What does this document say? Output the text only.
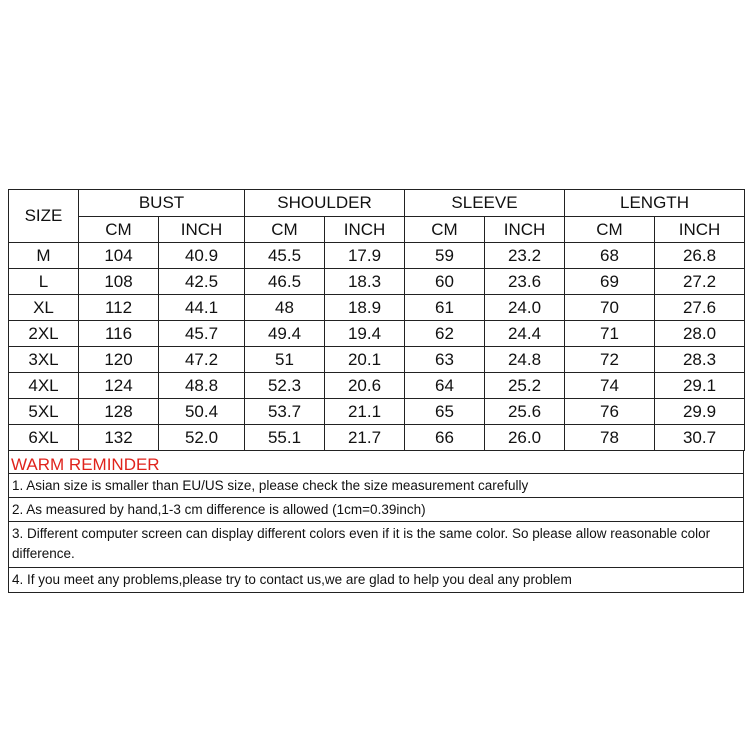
SIZE	BUST		SHOULDER		SLEEVE		LENGTH	
	CM	INCH	CM	INCH	CM	INCH	CM	INCH
M	104	40.9	45.5	17.9	59	23.2	68	26.8
L	108	42.5	46.5	18.3	60	23.6	69	27.2
XL	112	44.1	48	18.9	61	24.0	70	27.6
2XL	116	45.7	49.4	19.4	62	24.4	71	28.0
3XL	120	47.2	51	20.1	63	24.8	72	28.3
4XL	124	48.8	52.3	20.6	64	25.2	74	29.1
5XL	128	50.4	53.7	21.1	65	25.6	76	29.9
6XL	132	52.0	55.1	21.7	66	26.0	78	30.7
WARM REMINDER
1. Asian size is smaller than EU/US size, please check the size measurement carefully
2. As measured by hand,1-3 cm difference is allowed (1cm=0.39inch)
3. Different computer screen can display different colors even if it is the same color. So please allow reasonable color difference.
4. If you meet any problems,please try to contact us,we are glad to help you deal any problem
